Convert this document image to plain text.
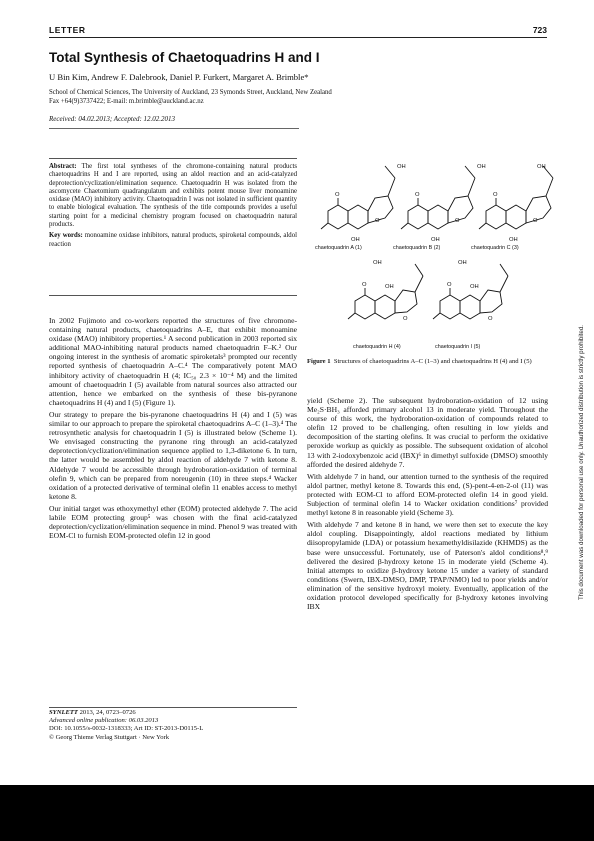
LETTER	723
Total Synthesis of Chaetoquadrins H and I
U Bin Kim, Andrew F. Dalebrook, Daniel P. Furkert, Margaret A. Brimble*
School of Chemical Sciences, The University of Auckland, 23 Symonds Street, Auckland, New Zealand
Fax +64(9)3737422; E-mail: m.brimble@auckland.ac.nz
Received: 04.02.2013; Accepted: 12.02.2013

Abstract: The first total syntheses of the chromone-containing natural products chaetoquadrins H and I are reported, using an aldol reaction and an acid-catalyzed deprotection/cyclization/elimination sequence. Chaetoquadrin H was isolated from the ascomycete Chaetomium quadrangulatum and exhibits potent mouse liver monoamine oxidase (MAO) inhibitory activity. Chaetoquadrin I was not isolated in sufficient quantity to enable biological evaluation. The synthesis of the title compounds provides a useful starting point for a medicinal chemistry program focused on chaetoquadrin natural products.

Key words: monoamine oxidase inhibitors, natural products, spiroketal compounds, aldol reaction

In 2002 Fujimoto and co-workers reported the structures of five chromone-containing natural products, chaetoquadrins A–E, that exhibit monoamine oxidase (MAO) inhibitory properties.¹ A second publication in 2003 reported six additional MAO-inhibiting natural products named chaetoquadrin F–K.² Our ongoing interest in the synthesis of aromatic spiroketals³ prompted our recently reported synthesis of chaetoquadrin A–C.⁴ The comparatively potent MAO inhibitory activity of chaetoquadrin H (4; IC₅₀ 2.3 × 10⁻⁴ M) and the limited amount of chaetoquadrin I (5) available from natural sources also attracted our attention, hence we embarked on the synthesis of these bis-pyranone chaetoquadrins H (4) and I (5) (Figure 1).

Our strategy to prepare the bis-pyranone chaetoquadrins H (4) and I (5) was similar to our approach to prepare the spiroketal chaetoquadrins A–C (1–3).⁴ The retrosynthetic analysis for chaetoquadrin I (5) is illustrated below (Scheme 1). We envisaged constructing the pyranone ring through an acid-catalyzed deprotection/cyclization/elimination sequence applied to 1,3-diketone 6. In turn, the latter would be assembled by aldol reaction of aldehyde 7 with ketone 8. Aldehyde 7 would be accessible through hydroboration-oxidation of terminal olefin 9, which can be prepared from noreugenin (10) in three steps.⁴ Wacker oxidation of a protected derivative of terminal olefin 11 enables access to methyl ketone 8.

Our initial target was ethoxymethyl ether (EOM) protected aldehyde 7. The acid labile EOM protecting group⁵ was chosen with the final acid-catalyzed deprotection/cyclization/elimination sequence in mind. Phenol 9 was treated with EOM-Cl to furnish EOM-protected olefin 12 in good

O
OH
O
OH
O
OH
O
OH
O
OH
O
OH
chaetoquadrin A (1)	chaetoquadrin B (2)	chaetoquadrin C (3)
O	OH
OH
O
O	OH
OH
O
chaetoquadrin H (4)	chaetoquadrin I (5)
Figure 1 Structures of chaetoquadrins A–C (1–3) and chaetoquadrins H (4) and I (5)

yield (Scheme 2). The subsequent hydroboration-oxidation of 12 using Me₂S·BH₃ afforded primary alcohol 13 in moderate yield. Throughout the course of this work, the hydroboration-oxidation of compounds related to olefin 12 proved to be challenging, often resulting in low yields and decomposition of the starting olefins. It was crucial to perform the oxidative peroxide workup as quickly as possible. The subsequent oxidation of alcohol 13 with 2-iodoxybenzoic acid (IBX)⁶ in dimethyl sulfoxide (DMSO) smoothly afforded the desired aldehyde 7.

With aldehyde 7 in hand, our attention turned to the synthesis of the required aldol partner, methyl ketone 8. Towards this end, (S)-pent-4-en-2-ol (11) was protected with EOM-Cl to afford EOM-protected olefin 14 in good yield. Subjection of terminal olefin 14 to Wacker oxidation conditions⁷ provided methyl ketone 8 in reasonable yield (Scheme 3).

With aldehyde 7 and ketone 8 in hand, we were then set to execute the key aldol coupling. Disappointingly, aldol reactions mediated by lithium diisopropylamide (LDA) or potassium hexamethyldisilazide (KHMDS) as the base were unsuccessful. Fortunately, use of Paterson's aldol conditions⁸,⁹ delivered the desired β-hydroxy ketone 15 in moderate yield (Scheme 4). Initial attempts to oxidize β-hydroxy ketone 15 under a variety of standard conditions (Swern, IBX-DMSO, DMP, TPAP/NMO) led to poor yields and/or elimination of the sensitive hydroxyl moiety. Eventually, application of the oxidation protocol developed specifically for β-hydroxy ketones involving IBX

SYNLETT 2013, 24, 0723–0726
Advanced online publication: 06.03.2013
DOI: 10.1055/s-0032-1318333; Art ID: ST-2013-D0115-L
© Georg Thieme Verlag Stuttgart · New York
This document was downloaded for personal use only. Unauthorized distribution is strictly prohibited.
